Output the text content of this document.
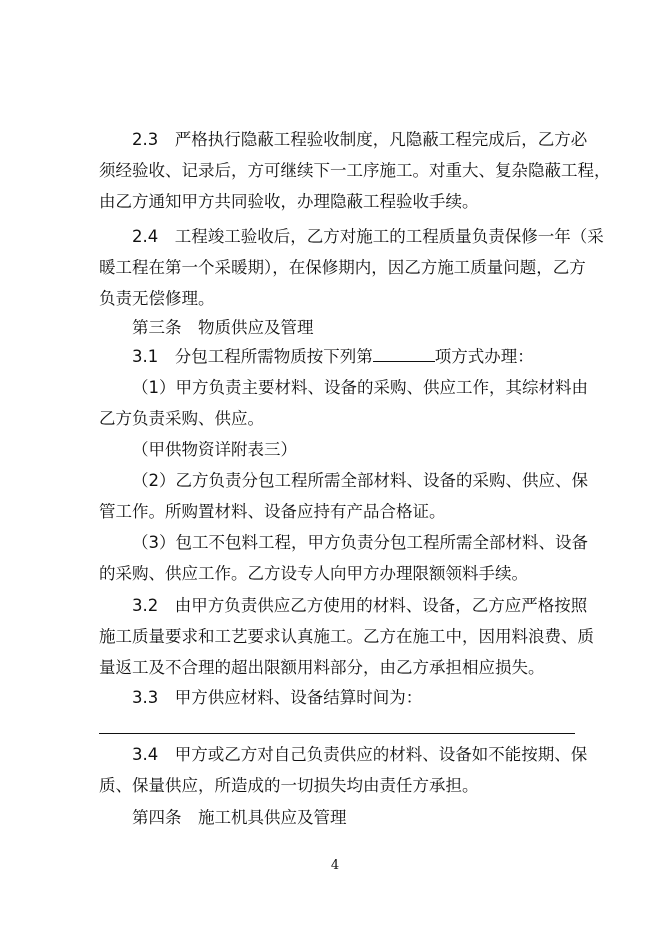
2.3　严格执行隐蔽工程验收制度，凡隐蔽工程完成后，乙方必
须经验收、记录后，方可继续下一工序施工。对重大、复杂隐蔽工程，
由乙方通知甲方共同验收，办理隐蔽工程验收手续。
2.4　工程竣工验收后，乙方对施工的工程质量负责保修一年（采
暖工程在第一个采暖期），在保修期内，因乙方施工质量问题，乙方
负责无偿修理。
第三条　物质供应及管理
3.1　分包工程所需物质按下列第	项方式办理：
（1）甲方负责主要材料、设备的采购、供应工作，其综材料由
乙方负责采购、供应。
（甲供物资详附表三）
（2）乙方负责分包工程所需全部材料、设备的采购、供应、保
管工作。所购置材料、设备应持有产品合格证。
（3）包工不包料工程，甲方负责分包工程所需全部材料、设备
的采购、供应工作。乙方设专人向甲方办理限额领料手续。
3.2　由甲方负责供应乙方使用的材料、设备，乙方应严格按照
施工质量要求和工艺要求认真施工。乙方在施工中，因用料浪费、质
量返工及不合理的超出限额用料部分，由乙方承担相应损失。
3.3　甲方供应材料、设备结算时间为：
3.4　甲方或乙方对自己负责供应的材料、设备如不能按期、保
质、保量供应，所造成的一切损失均由责任方承担。
第四条　施工机具供应及管理
4
